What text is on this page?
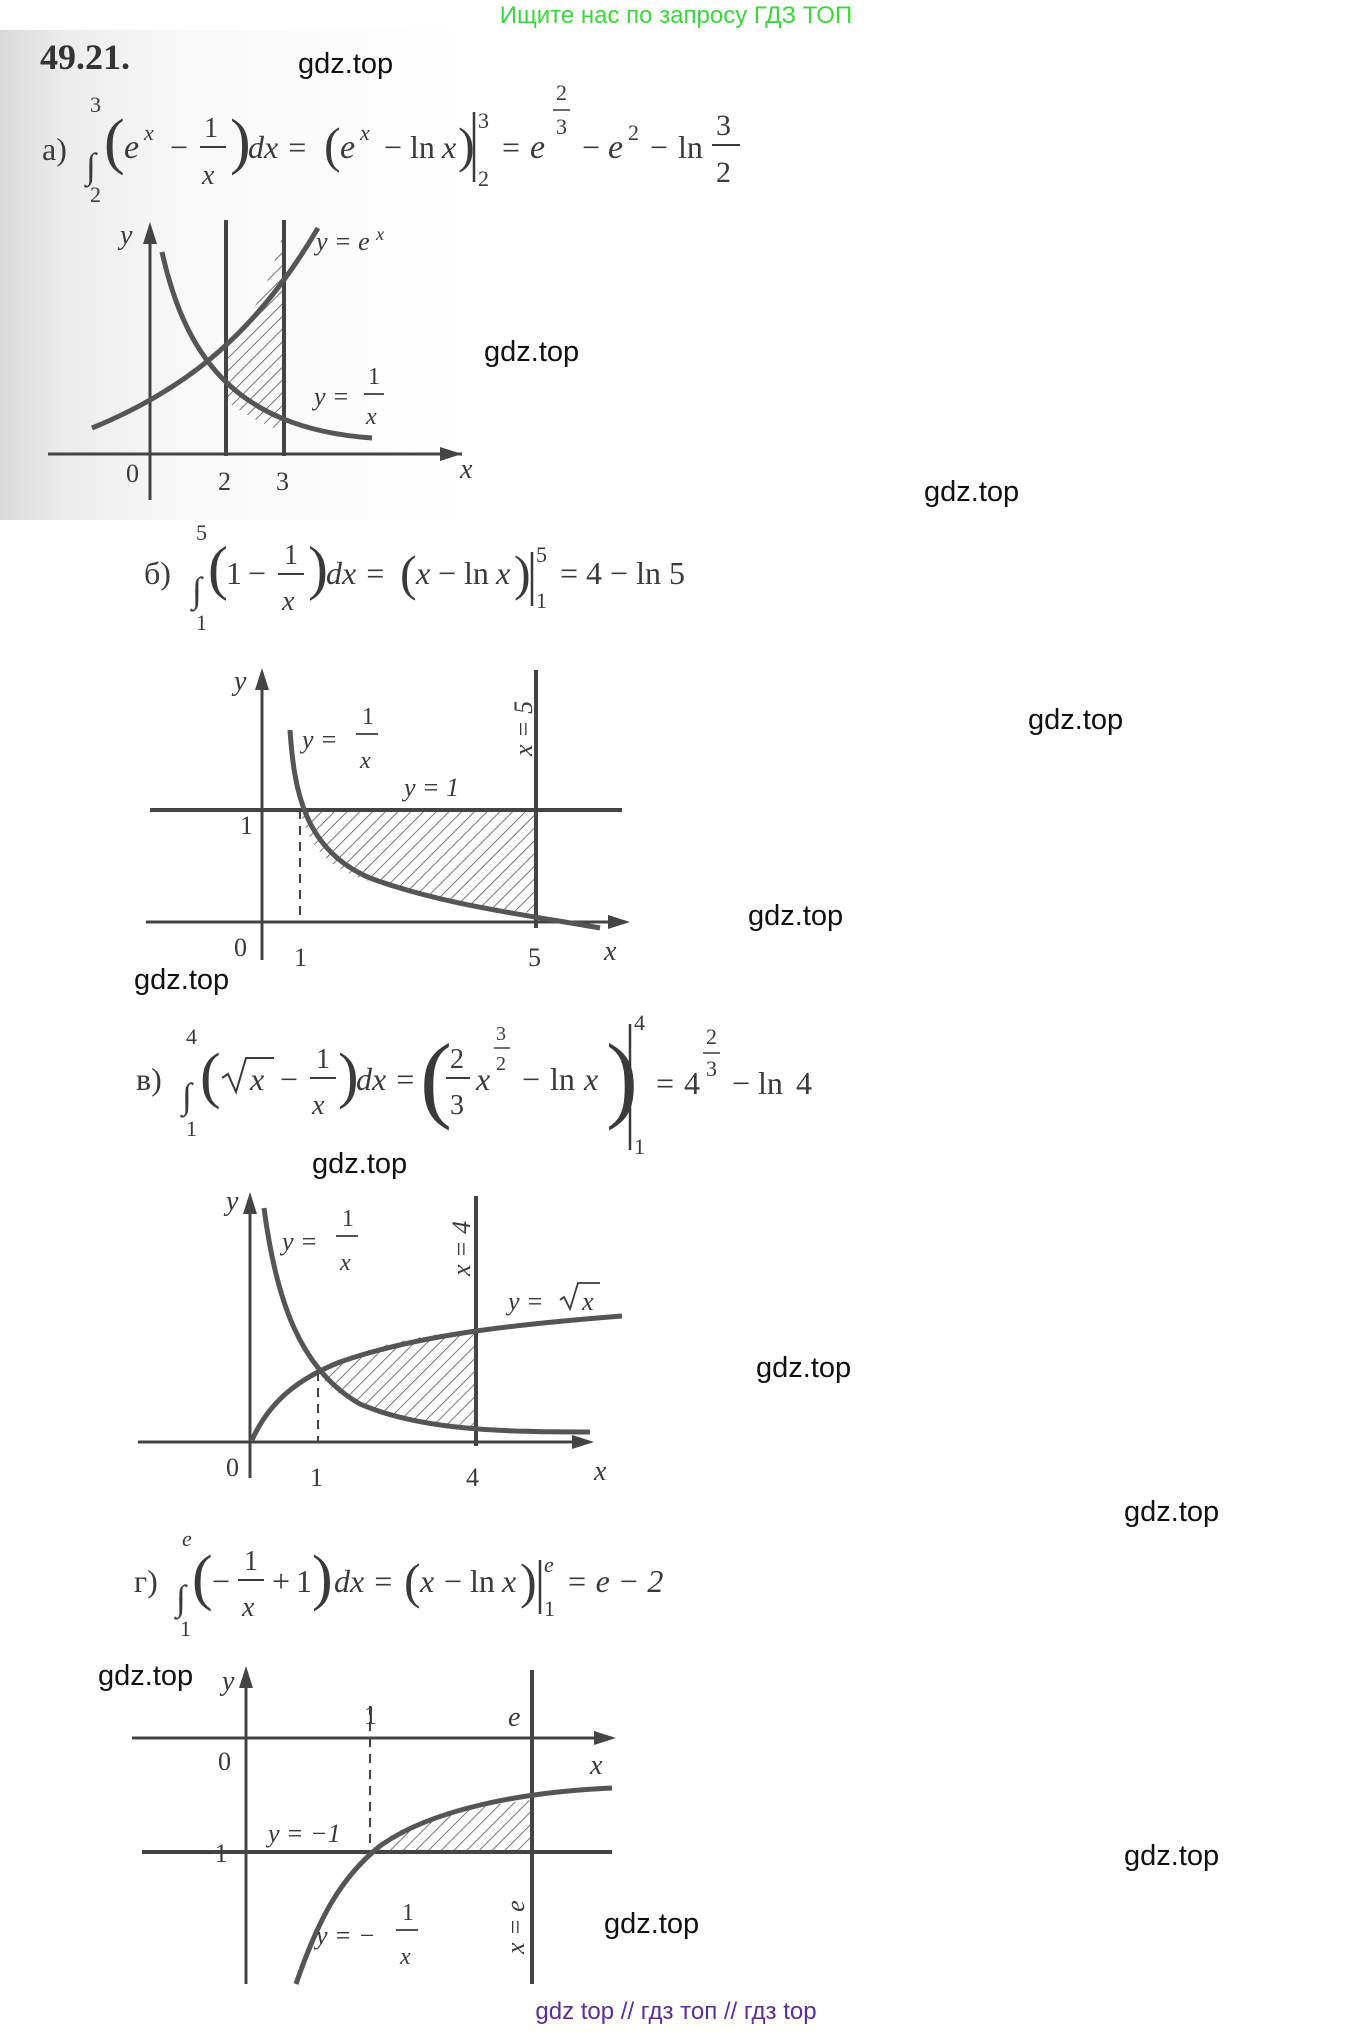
Ищите нас по запросу ГДЗ ТОП
49.21.
а)
3
∫
2
( e x −
1
x )
dx = ( e x − ln x ) 3
2
= e
2
3
− e 2 − ln
3
2
y
x
y = e x
y =
1
x
0	2 3
б)
5
∫
1
(
1 − 1
x
)
dx = ( x − ln x ) 5
1
= 4 − ln 5
y
x
y =
1
x
y = 1
x = 5
1
0 1	5
в)
4
∫
1
( x −
1
x )
dx = (
2
3
x
3
2 − ln x )
4
1
= 4
2
3 − ln 4
y
x
y =
1
x	x = 4
y = x
0	1	4
г)
e
∫
1
( −
1
x
+ 1 ) dx = ( x − ln x ) e
1
= e − 2
y
x
1	e
0
−1
y = −1
x = e
y = −
1
x
gdz.top
gdz.top
gdz.top
gdz.top
gdz.top
gdz.top
gdz.top
gdz.top
gdz.top
gdz.top
gdz.top
gdz.top
gdz top // гдз топ // гдз top
